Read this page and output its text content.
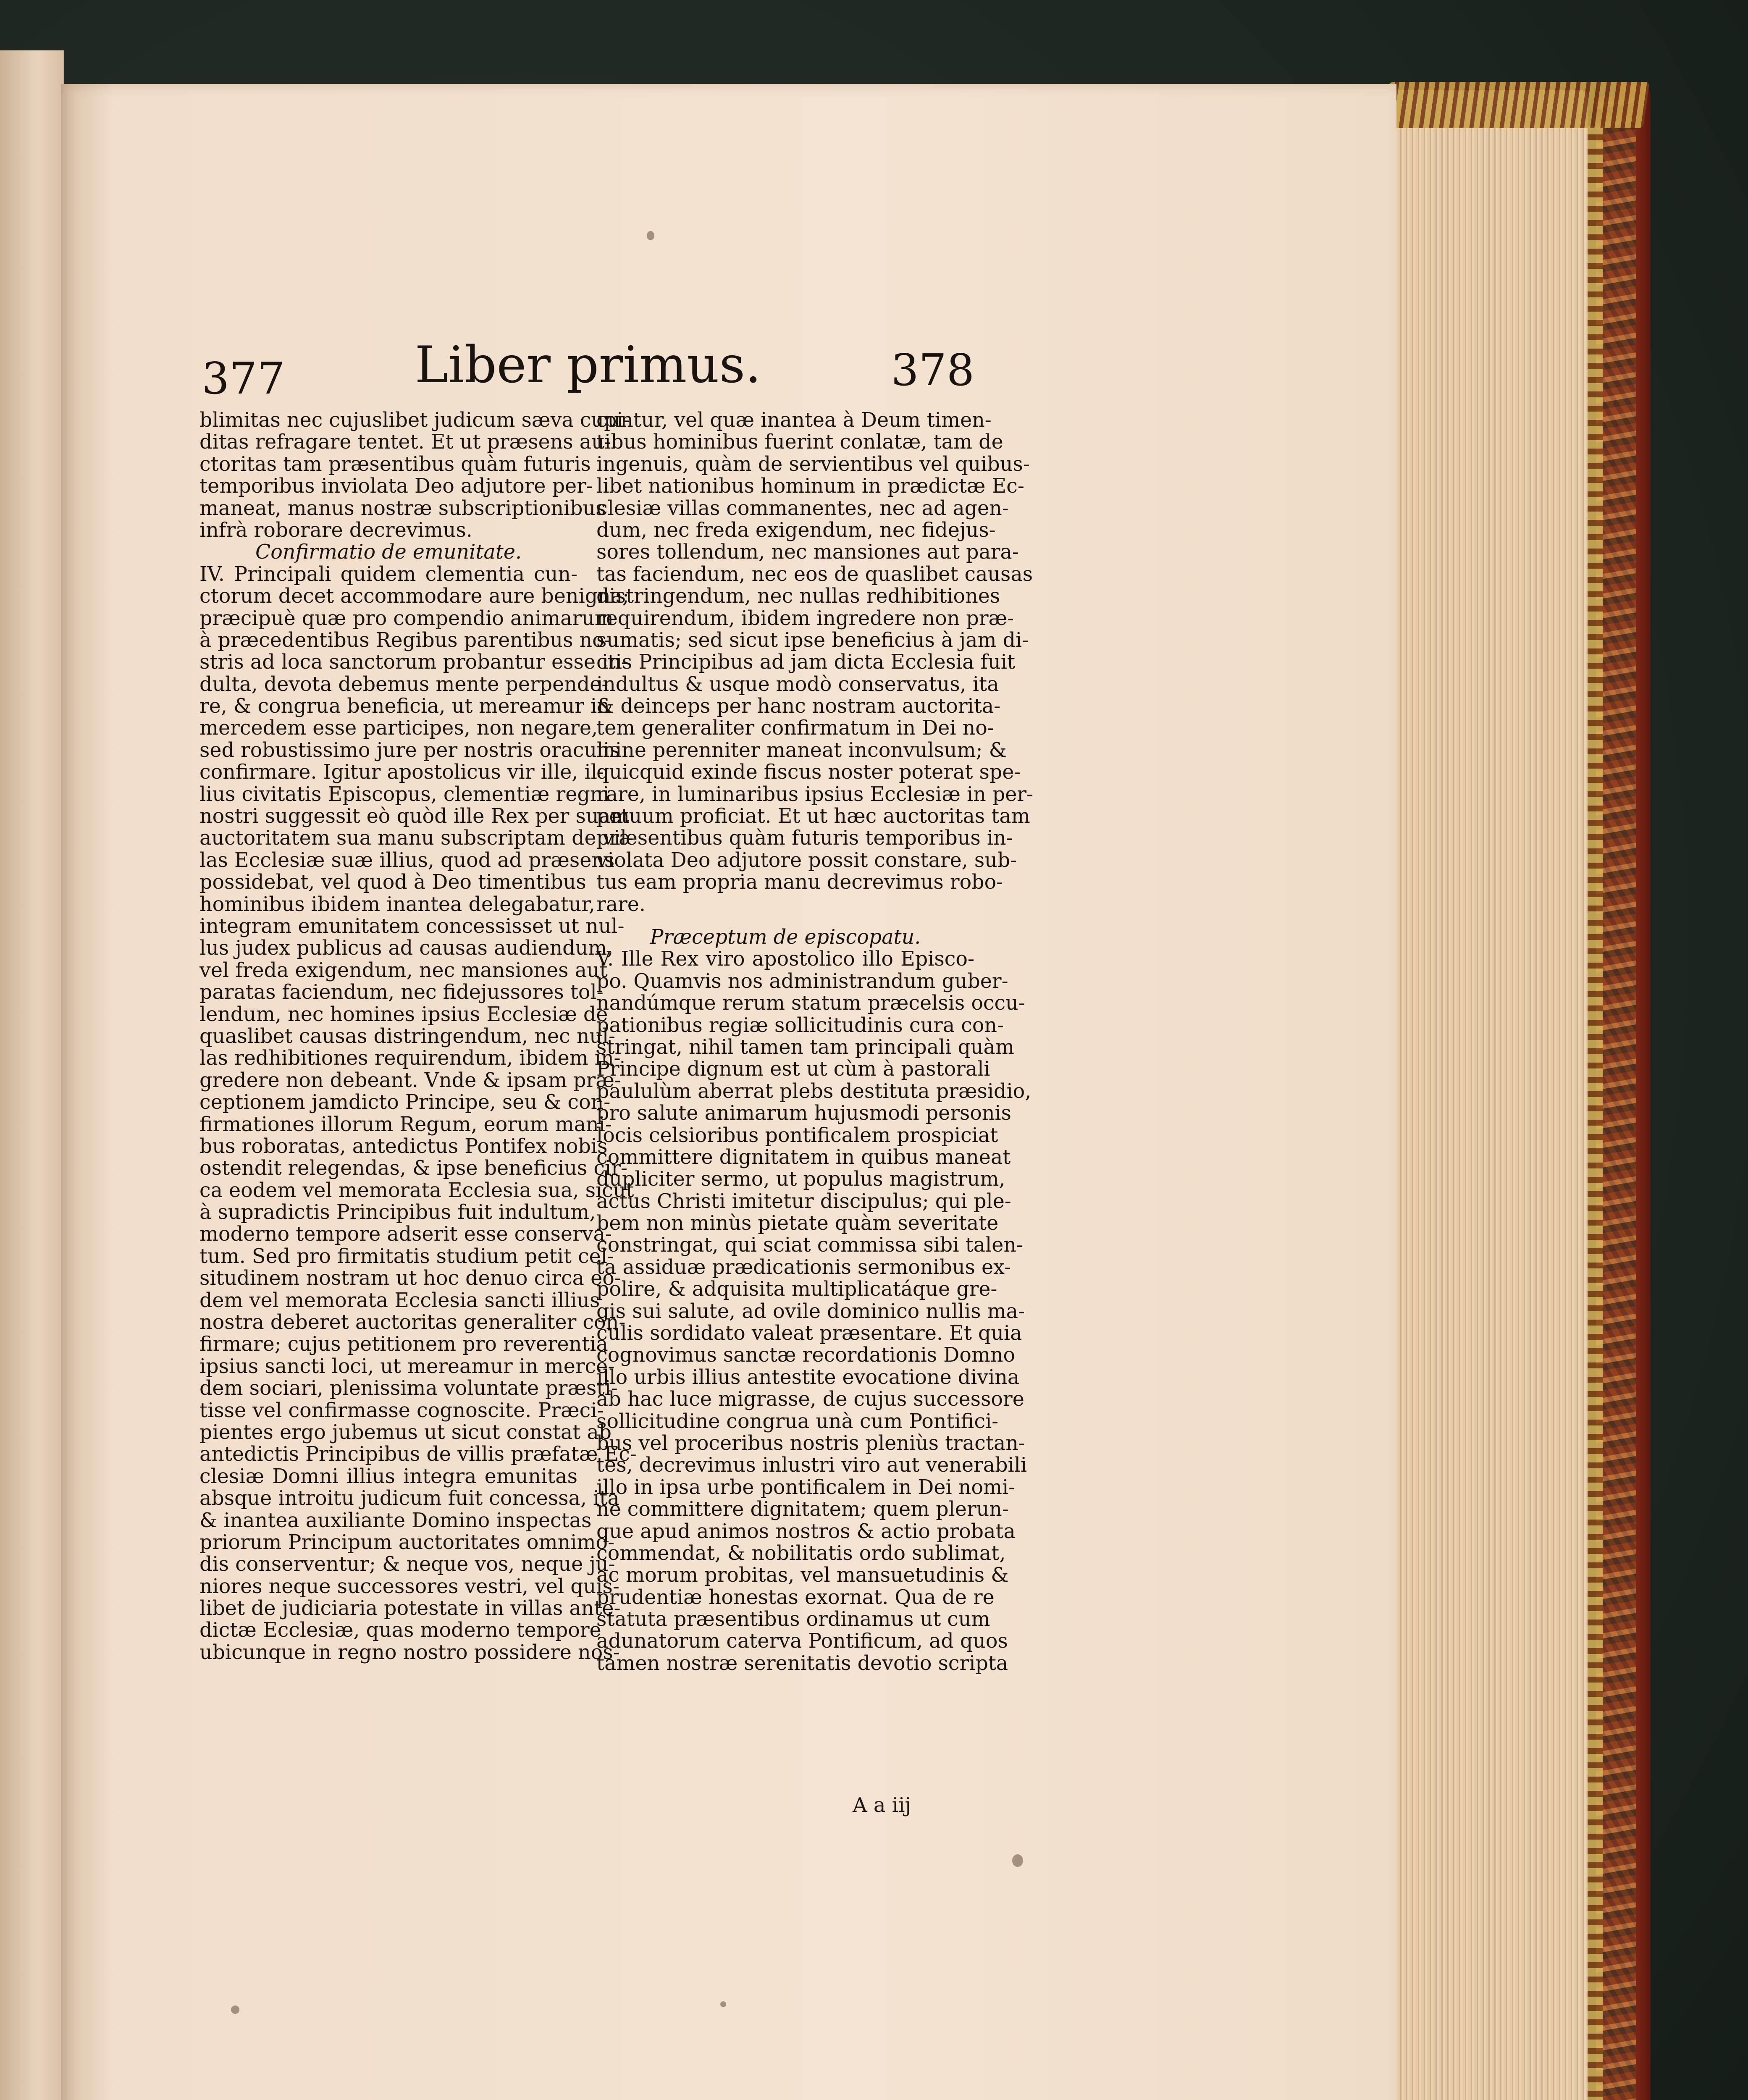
377	Liber primus.	378
blimitas nec cujuslibet judicum sæva cupi-
ditas refragare tentet. Et ut præsens au-
ctoritas tam præsentibus quàm futuris
temporibus inviolata Deo adjutore per-
maneat, manus nostræ subscriptionibus
infrà roborare decrevimus.
Confirmatio de emunitate.
IV. Principali quidem clementia cun-
ctorum decet accommodare aure benigna;
præcipuè quæ pro compendio animarum
à præcedentibus Regibus parentibus no-
stris ad loca sanctorum probantur esse in-
dulta, devota debemus mente perpende-
re, & congrua beneficia, ut mereamur in
mercedem esse participes, non negare,
sed robustissimo jure per nostris oraculis
confirmare. Igitur apostolicus vir ille, il-
lius civitatis Episcopus, clementiæ regni
nostri suggessit eò quòd ille Rex per suam
auctoritatem sua manu subscriptam de vil-
las Ecclesiæ suæ illius, quod ad præsens
possidebat, vel quod à Deo timentibus
hominibus ibidem inantea delegabatur,
integram emunitatem concessisset ut nul-
lus judex publicus ad causas audiendum,
vel freda exigendum, nec mansiones aut
paratas faciendum, nec fidejussores tol-
lendum, nec homines ipsius Ecclesiæ de
quaslibet causas distringendum, nec nul-
las redhibitiones requirendum, ibidem in-
gredere non debeant. Vnde & ipsam præ-
ceptionem jamdicto Principe, seu & con-
firmationes illorum Regum, eorum mani-
bus roboratas, antedictus Pontifex nobis
ostendit relegendas, & ipse beneficius cir-
ca eodem vel memorata Ecclesia sua, sicut
à supradictis Principibus fuit indultum,
moderno tempore adserit esse conserva-
tum. Sed pro firmitatis studium petit cel-
situdinem nostram ut hoc denuo circa eo-
dem vel memorata Ecclesia sancti illius
nostra deberet auctoritas generaliter con-
firmare; cujus petitionem pro reverentia
ipsius sancti loci, ut mereamur in merce-
dem sociari, plenissima voluntate præsti-
tisse vel confirmasse cognoscite. Præci-
pientes ergo jubemus ut sicut constat ab
antedictis Principibus de villis præfatæ Ec-
clesiæ Domni illius integra emunitas
absque introitu judicum fuit concessa, ita
& inantea auxiliante Domino inspectas
priorum Principum auctoritates omnimo-
dis conserventur; & neque vos, neque ju-
niores neque successores vestri, vel quis-
libet de judiciaria potestate in villas ante-
dictæ Ecclesiæ, quas moderno tempore
ubicunque in regno nostro possidere nos-
cuntur, vel quæ inantea à Deum timen-
tibus hominibus fuerint conlatæ, tam de
ingenuis, quàm de servientibus vel quibus-
libet nationibus hominum in prædictæ Ec-
clesiæ villas commanentes, nec ad agen-
dum, nec freda exigendum, nec fidejus-
sores tollendum, nec mansiones aut para-
tas faciendum, nec eos de quaslibet causas
distringendum, nec nullas redhibitiones
requirendum, ibidem ingredere non præ-
sumatis; sed sicut ipse beneficius à jam di-
ctis Principibus ad jam dicta Ecclesia fuit
indultus & usque modò conservatus, ita
& deinceps per hanc nostram auctorita-
tem generaliter confirmatum in Dei no-
mine perenniter maneat inconvulsum; &
quicquid exinde fiscus noster poterat spe-
rare, in luminaribus ipsius Ecclesiæ in per-
petuum proficiat. Et ut hæc auctoritas tam
præsentibus quàm futuris temporibus in-
violata Deo adjutore possit constare, sub-
tus eam propria manu decrevimus robo-
rare.
Præceptum de episcopatu.
V. Ille Rex viro apostolico illo Episco-
po. Quamvis nos administrandum guber-
nandúmque rerum statum præcelsis occu-
pationibus regiæ sollicitudinis cura con-
stringat, nihil tamen tam principali quàm
Principe dignum est ut cùm à pastorali
paululùm aberrat plebs destituta præsidio,
pro salute animarum hujusmodi personis
locis celsioribus pontificalem prospiciat
committere dignitatem in quibus maneat
dupliciter sermo, ut populus magistrum,
actus Christi imitetur discipulus; qui ple-
bem non minùs pietate quàm severitate
constringat, qui sciat commissa sibi talen-
ta assiduæ prædicationis sermonibus ex-
polire, & adquisita multiplicatáque gre-
gis sui salute, ad ovile dominico nullis ma-
culis sordidato valeat præsentare. Et quia
cognovimus sanctæ recordationis Domno
illo urbis illius antestite evocatione divina
ab hac luce migrasse, de cujus successore
sollicitudine congrua unà cum Pontifici-
bus vel proceribus nostris pleniùs tractan-
tes, decrevimus inlustri viro aut venerabili
illo in ipsa urbe pontificalem in Dei nomi-
ne committere dignitatem; quem plerun-
que apud animos nostros & actio probata
commendat, & nobilitatis ordo sublimat,
ac morum probitas, vel mansuetudinis &
prudentiæ honestas exornat. Qua de re
statuta præsentibus ordinamus ut cum
adunatorum caterva Pontificum, ad quos
tamen nostræ serenitatis devotio scripta
A a iij
